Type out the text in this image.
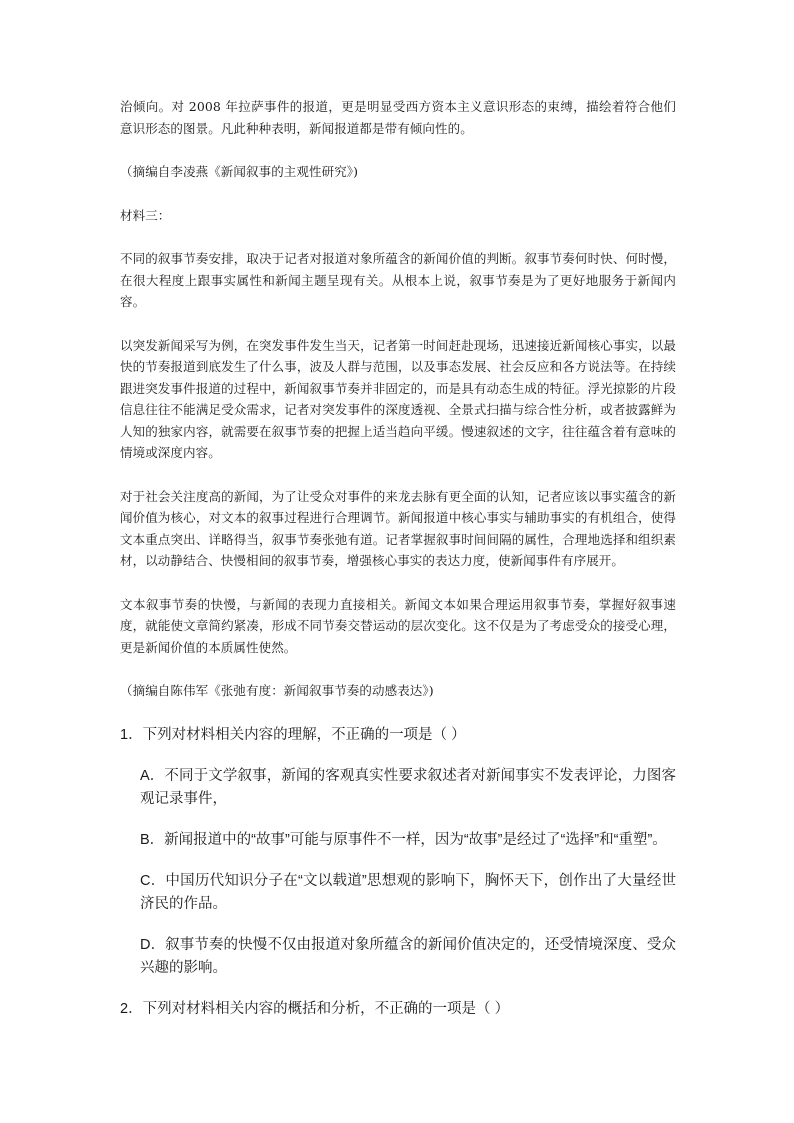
治倾向。对 2008 年拉萨事件的报道，更是明显受西方资本主义意识形态的束缚，描绘着符合他们意识形态的图景。凡此种种表明，新闻报道都是带有倾向性的。

（摘编自李凌燕《新闻叙事的主观性研究》)

材料三：

不同的叙事节奏安排，取决于记者对报道对象所蕴含的新闻价值的判断。叙事节奏何时快、何时慢，在很大程度上跟事实属性和新闻主题呈现有关。从根本上说，叙事节奏是为了更好地服务于新闻内容。

以突发新闻采写为例，在突发事件发生当天，记者第一时间赶赴现场，迅速接近新闻核心事实，以最快的节奏报道到底发生了什么事，波及人群与范围，以及事态发展、社会反应和各方说法等。在持续跟进突发事件报道的过程中，新闻叙事节奏并非固定的，而是具有动态生成的特征。浮光掠影的片段信息往往不能满足受众需求，记者对突发事件的深度透视、全景式扫描与综合性分析，或者披露鲜为人知的独家内容，就需要在叙事节奏的把握上适当趋向平缓。慢速叙述的文字，往往蕴含着有意味的情境或深度内容。

对于社会关注度高的新闻，为了让受众对事件的来龙去脉有更全面的认知，记者应该以事实蕴含的新闻价值为核心，对文本的叙事过程进行合理调节。新闻报道中核心事实与辅助事实的有机组合，使得文本重点突出、详略得当，叙事节奏张弛有道。记者掌握叙事时间间隔的属性，合理地选择和组织素材，以动静结合、快慢相间的叙事节奏，增强核心事实的表达力度，使新闻事件有序展开。

文本叙事节奏的快慢，与新闻的表现力直接相关。新闻文本如果合理运用叙事节奏，掌握好叙事速度，就能使文章简约紧凑，形成不同节奏交替运动的层次变化。这不仅是为了考虑受众的接受心理，更是新闻价值的本质属性使然。

（摘编自陈伟军《张弛有度：新闻叙事节奏的动感表达》)

1．下列对材料相关内容的理解，不正确的一项是（ ）

A．不同于文学叙事，新闻的客观真实性要求叙述者对新闻事实不发表评论，力图客观记录事件，

B．新闻报道中的“故事”可能与原事件不一样，因为“故事”是经过了“选择”和“重塑”。

C．中国历代知识分子在“文以载道”思想观的影响下，胸怀天下，创作出了大量经世济民的作品。

D．叙事节奏的快慢不仅由报道对象所蕴含的新闻价值决定的，还受情境深度、受众兴趣的影响。

2．下列对材料相关内容的概括和分析，不正确的一项是（ ）
